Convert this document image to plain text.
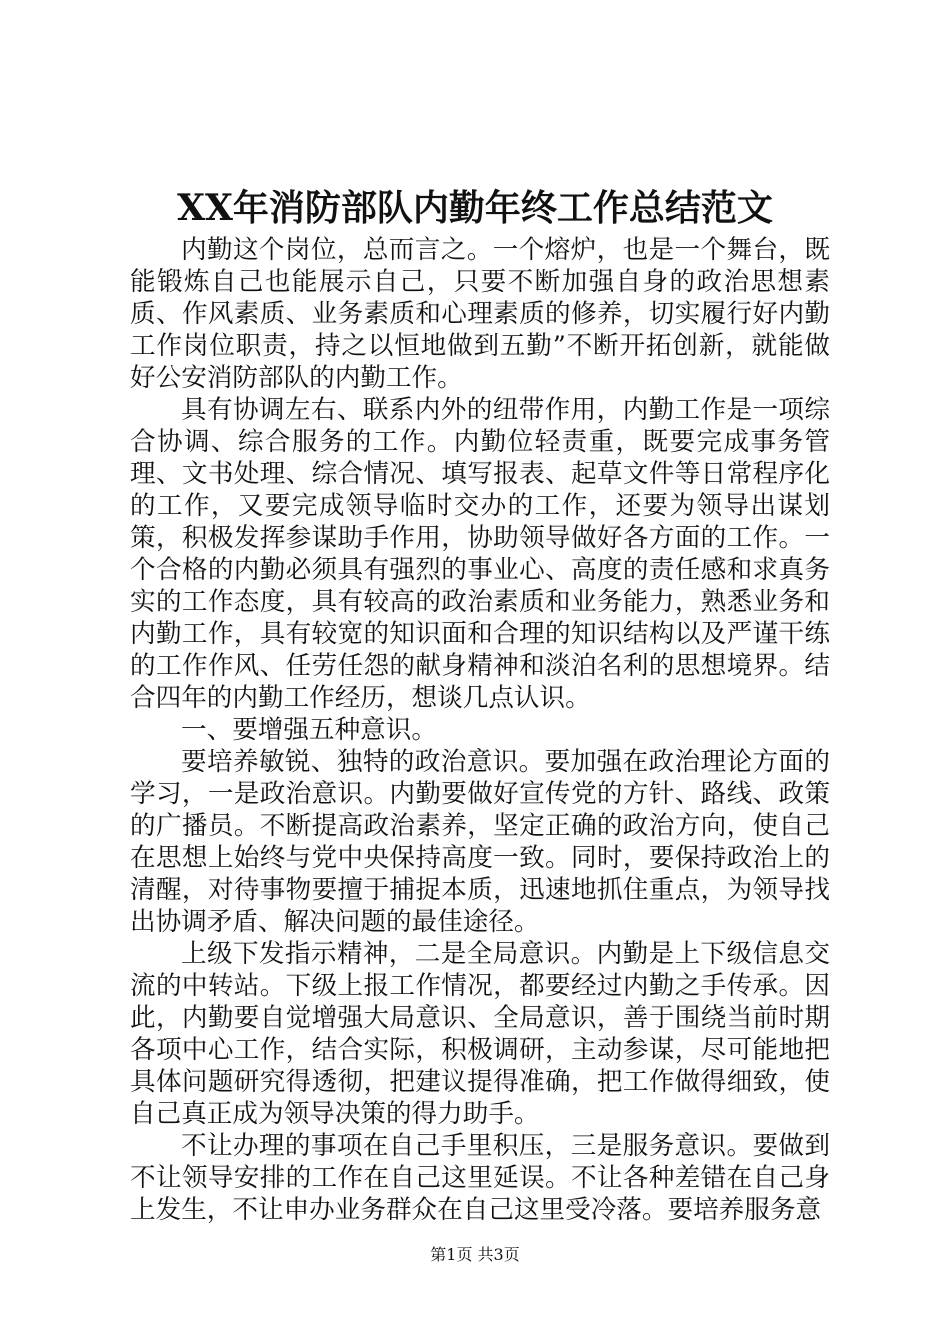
XX年消防部队内勤年终工作总结范文

内勤这个岗位，总而言之。一个熔炉，也是一个舞台，既能锻炼自己也能展示自己，只要不断加强自身的政治思想素质、作风素质、业务素质和心理素质的修养，切实履行好内勤工作岗位职责，持之以恒地做到五勤”不断开拓创新，就能做好公安消防部队的内勤工作。

具有协调左右、联系内外的纽带作用，内勤工作是一项综合协调、综合服务的工作。内勤位轻责重，既要完成事务管理、文书处理、综合情况、填写报表、起草文件等日常程序化的工作，又要完成领导临时交办的工作，还要为领导出谋划策，积极发挥参谋助手作用，协助领导做好各方面的工作。一个合格的内勤必须具有强烈的事业心、高度的责任感和求真务实的工作态度，具有较高的政治素质和业务能力，熟悉业务和内勤工作，具有较宽的知识面和合理的知识结构以及严谨干练的工作作风、任劳任怨的献身精神和淡泊名利的思想境界。结合四年的内勤工作经历，想谈几点认识。

一、要增强五种意识。

要培养敏锐、独特的政治意识。要加强在政治理论方面的学习，一是政治意识。内勤要做好宣传党的方针、路线、政策的广播员。不断提高政治素养，坚定正确的政治方向，使自己在思想上始终与党中央保持高度一致。同时，要保持政治上的清醒，对待事物要擅于捕捉本质，迅速地抓住重点，为领导找出协调矛盾、解决问题的最佳途径。

上级下发指示精神，二是全局意识。内勤是上下级信息交流的中转站。下级上报工作情况，都要经过内勤之手传承。因此，内勤要自觉增强大局意识、全局意识，善于围绕当前时期各项中心工作，结合实际，积极调研，主动参谋，尽可能地把具体问题研究得透彻，把建议提得准确，把工作做得细致，使自己真正成为领导决策的得力助手。

不让办理的事项在自己手里积压，三是服务意识。要做到不让领导安排的工作在自己这里延误。不让各种差错在自己身上发生，不让申办业务群众在自己这里受冷落。要培养服务意

第1页 共3页
